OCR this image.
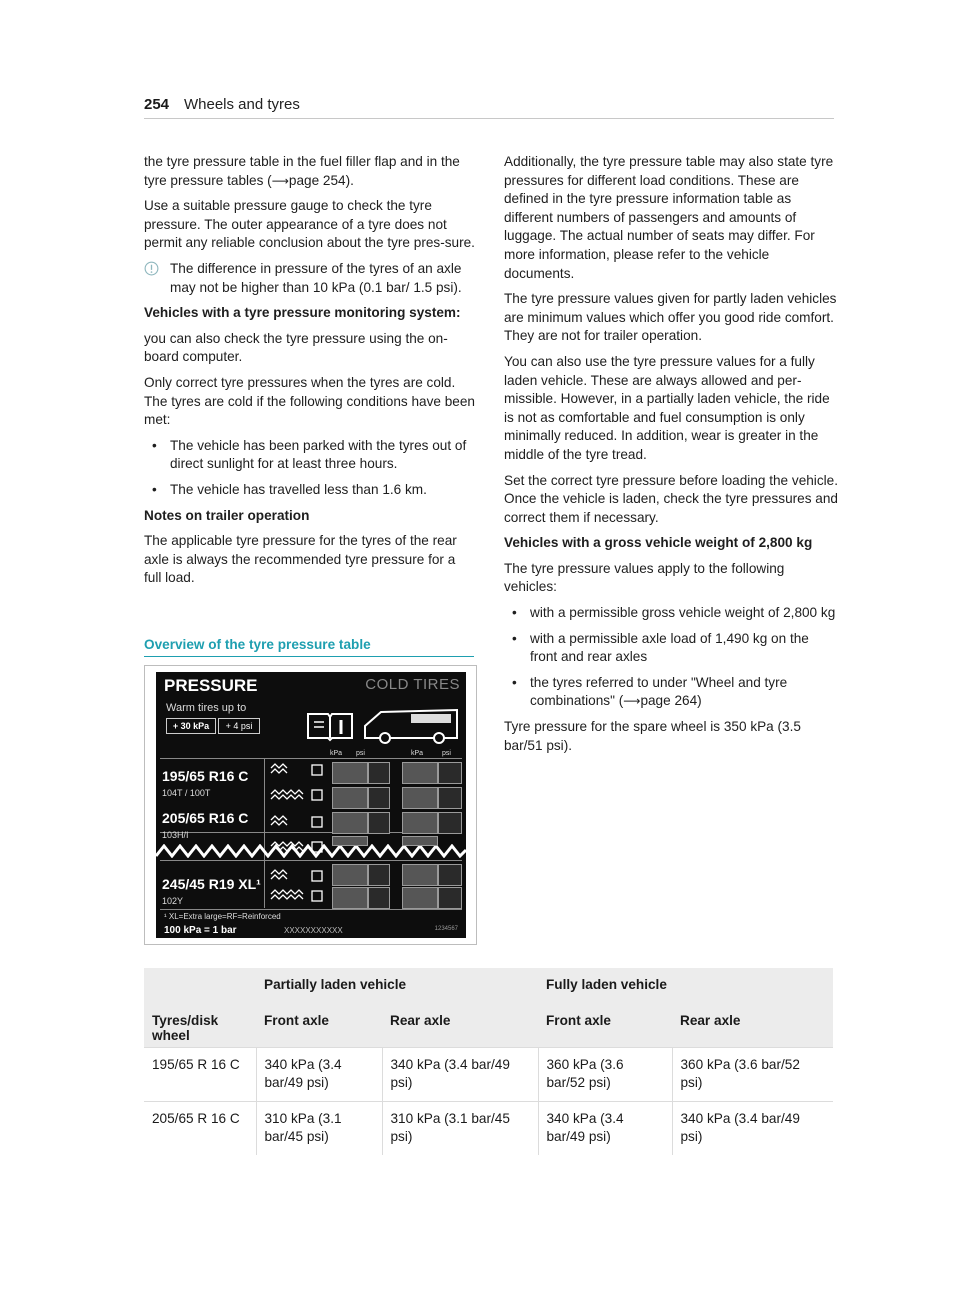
254 Wheels and tyres

the tyre pressure table in the fuel filler flap and in the tyre pressure tables (⟶page 254).

Use a suitable pressure gauge to check the tyre pressure. The outer appearance of a tyre does not permit any reliable conclusion about the tyre pres-sure.

The difference in pressure of the tyres of an axle may not be higher than 10 kPa (0.1 bar/ 1.5 psi).

Vehicles with a tyre pressure monitoring system:

you can also check the tyre pressure using the on-board computer.

Only correct tyre pressures when the tyres are cold. The tyres are cold if the following conditions have been met:

• The vehicle has been parked with the tyres out of direct sunlight for at least three hours.
• The vehicle has travelled less than 1.6 km.

Notes on trailer operation

The applicable tyre pressure for the tyres of the rear axle is always the recommended tyre pressure for a full load.

Overview of the tyre pressure table
PRESSURE	COLD TIRES
Warm tires up to
+ 30 kPa	+ 4 psi
kPa psi	kPa	psi
195/65 R16 C
104T / 100T
205/65 R16 C
103H/I
245/45 R19 XL¹
102Y
¹ XL=Extra large=RF=Reinforced
100 kPa = 1 bar	XXXXXXXXXXX	1234567

Additionally, the tyre pressure table may also state tyre pressures for different load conditions. These are defined in the tyre pressure information table as different numbers of passengers and amounts of luggage. The actual number of seats may differ. For more information, please refer to the vehicle documents.

The tyre pressure values given for partly laden vehicles are minimum values which offer you good ride comfort. They are not for trailer operation.

You can also use the tyre pressure values for a fully laden vehicle. These are always allowed and per-missible. However, in a partially laden vehicle, the ride is not as comfortable and fuel consumption is only minimally reduced. In addition, wear is greater in the middle of the tyre tread.

Set the correct tyre pressure before loading the vehicle. Once the vehicle is laden, check the tyre pressures and correct them if necessary.

Vehicles with a gross vehicle weight of 2,800 kg

The tyre pressure values apply to the following vehicles:

• with a permissible gross vehicle weight of 2,800 kg
• with a permissible axle load of 1,490 kg on the front and rear axles
• the tyres referred to under "Wheel and tyre combinations" (⟶page 264)

Tyre pressure for the spare wheel is 350 kPa (3.5 bar/51 psi).

	Partially laden vehicle		Fully laden vehicle	
Tyres/disk wheel	Front axle	Rear axle	Front axle	Rear axle
195/65 R 16 C	340 kPa (3.4 bar/49 psi)	340 kPa (3.4 bar/49 psi)	360 kPa (3.6 bar/52 psi)	360 kPa (3.6 bar/52 psi)
205/65 R 16 C	310 kPa (3.1 bar/45 psi)	310 kPa (3.1 bar/45 psi)	340 kPa (3.4 bar/49 psi)	340 kPa (3.4 bar/49 psi)
